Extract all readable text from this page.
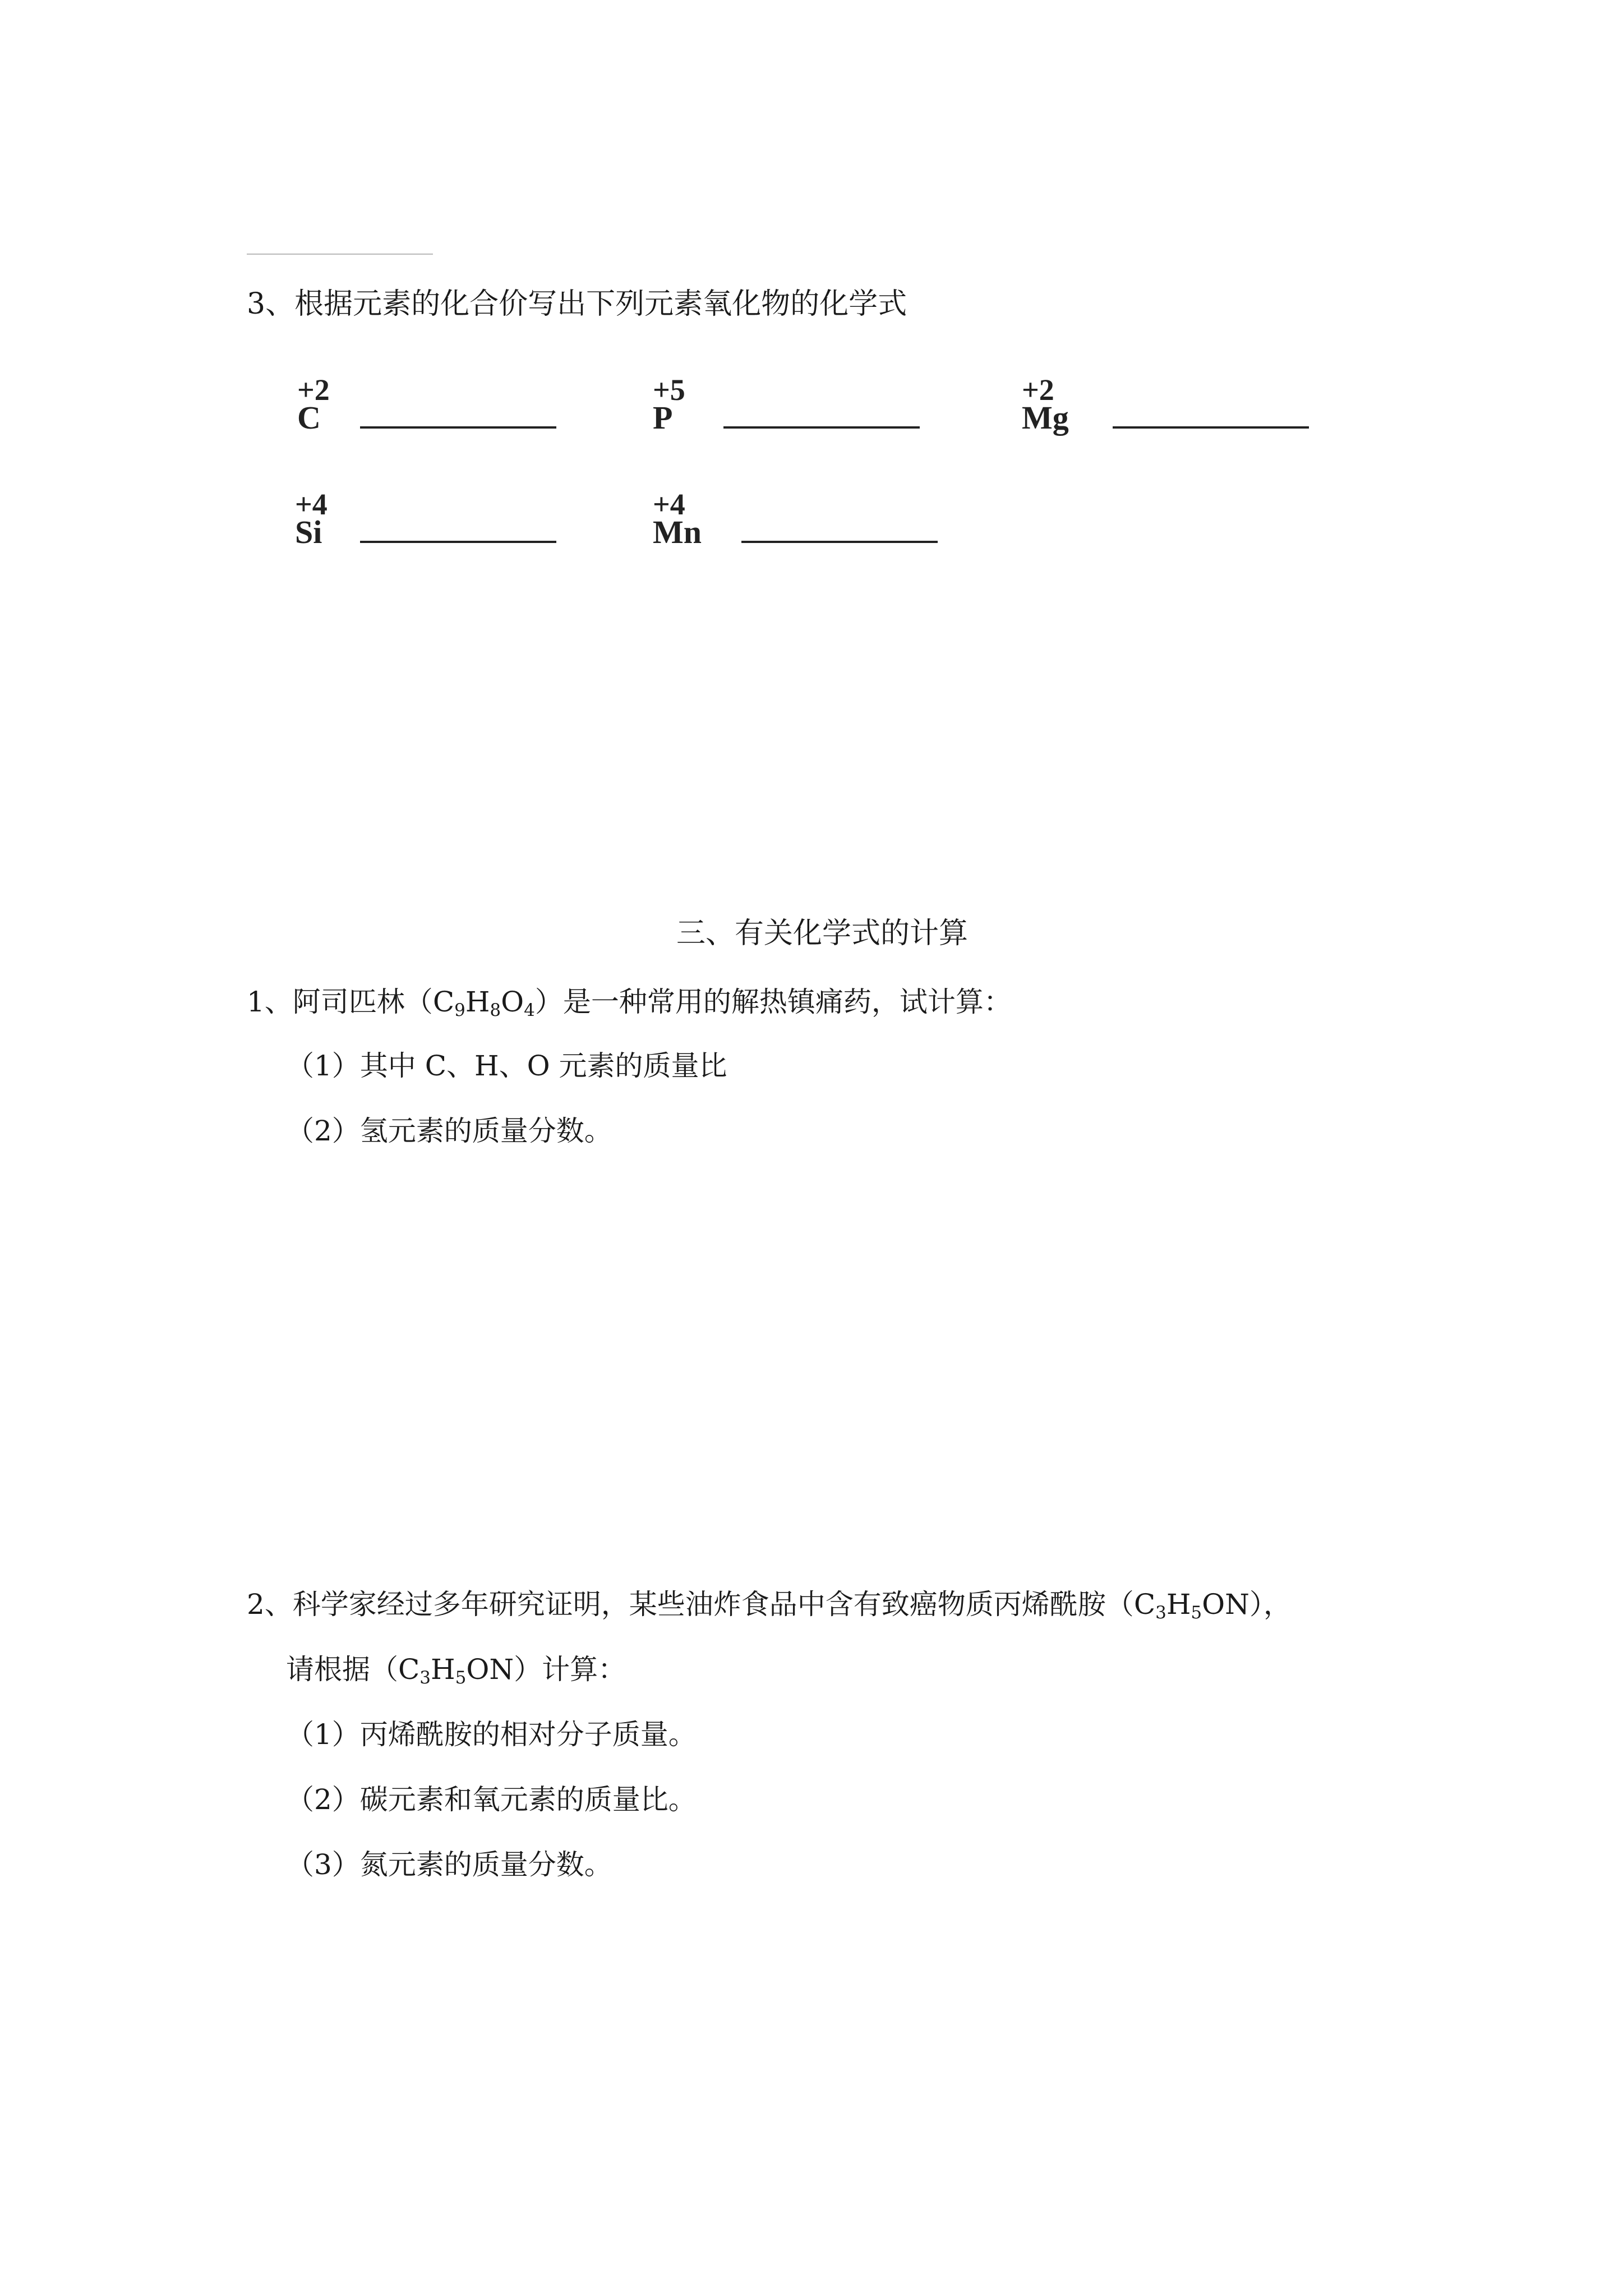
3、根据元素的化合价写出下列元素氧化物的化学式
+2
C
+5
P
+2
Mg
+4
Si
+4
Mn
三、有关化学式的计算
1、阿司匹林$(C_9H_8O_4)$是一种常用的解热镇痛药，试计算：
（1）其中 C、H、O 元素的质量比
（2）氢元素的质量分数。
2、科学家经过多年研究证明，某些油炸食品中含有致癌物质丙烯酰胺$(C_3H_5ON)$，
请根据$(C_3H_5ON)$计算：
（1）丙烯酰胺的相对分子质量。
（2）碳元素和氧元素的质量比。
（3）氮元素的质量分数。
